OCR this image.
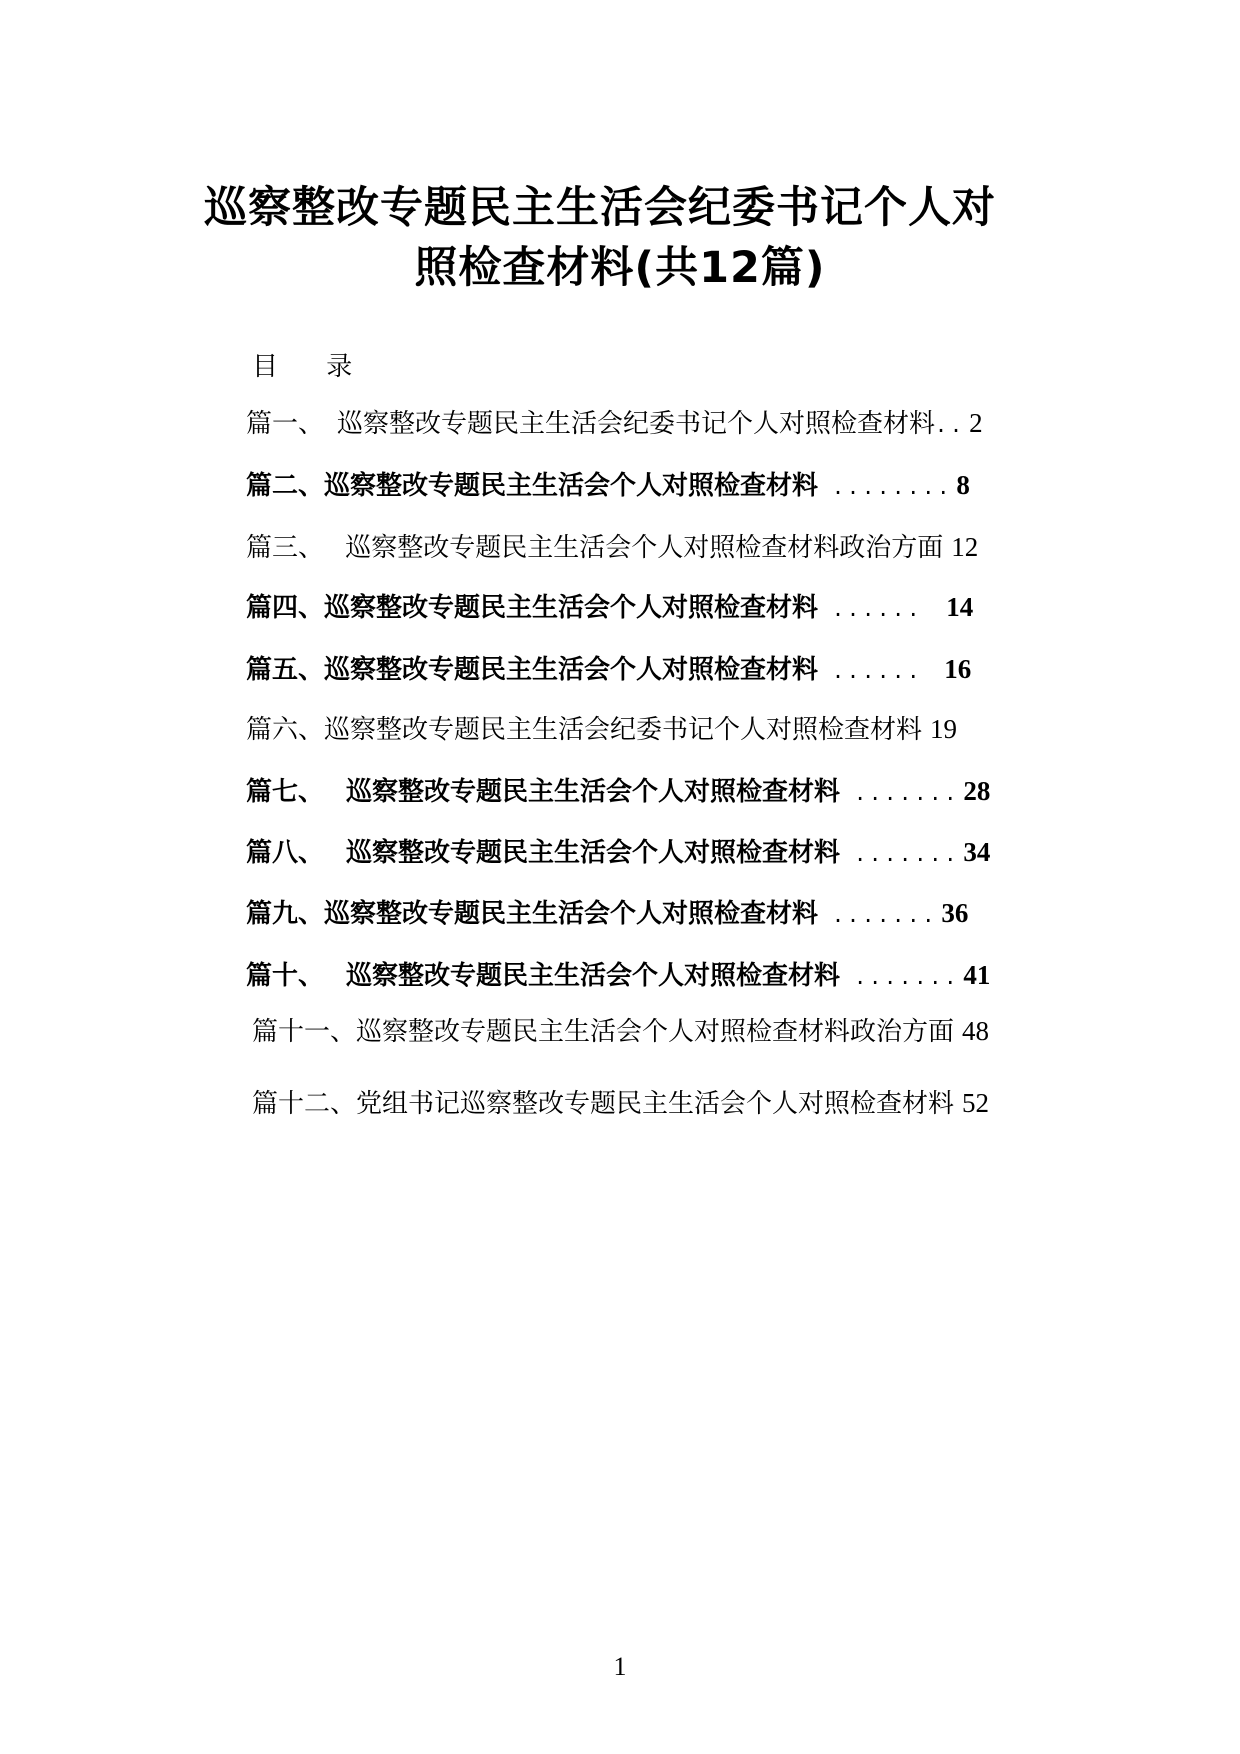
巡察整改专题民主生活会纪委书记个人对
照检查材料(共12篇)
目 录
篇一、　巡察整改专题民主生活会纪委书记个人对照检查材料 .. 2
篇二、巡察整改专题民主生活会个人对照检查材料 ........ 8
篇三、　 巡察整改专题民主生活会个人对照检查材料政治方面 12
篇四、巡察整改专题民主生活会个人对照检查材料 ...... 14
篇五、巡察整改专题民主生活会个人对照检查材料 ...... 16
篇六、巡察整改专题民主生活会纪委书记个人对照检查材料 19
篇七、　 巡察整改专题民主生活会个人对照检查材料 ....... 28
篇八、　 巡察整改专题民主生活会个人对照检查材料 ....... 34
篇九、巡察整改专题民主生活会个人对照检查材料 ....... 36
篇十、　 巡察整改专题民主生活会个人对照检查材料 ....... 41
篇十一、巡察整改专题民主生活会个人对照检查材料政治方面 48
篇十二、党组书记巡察整改专题民主生活会个人对照检查材料 52
1
